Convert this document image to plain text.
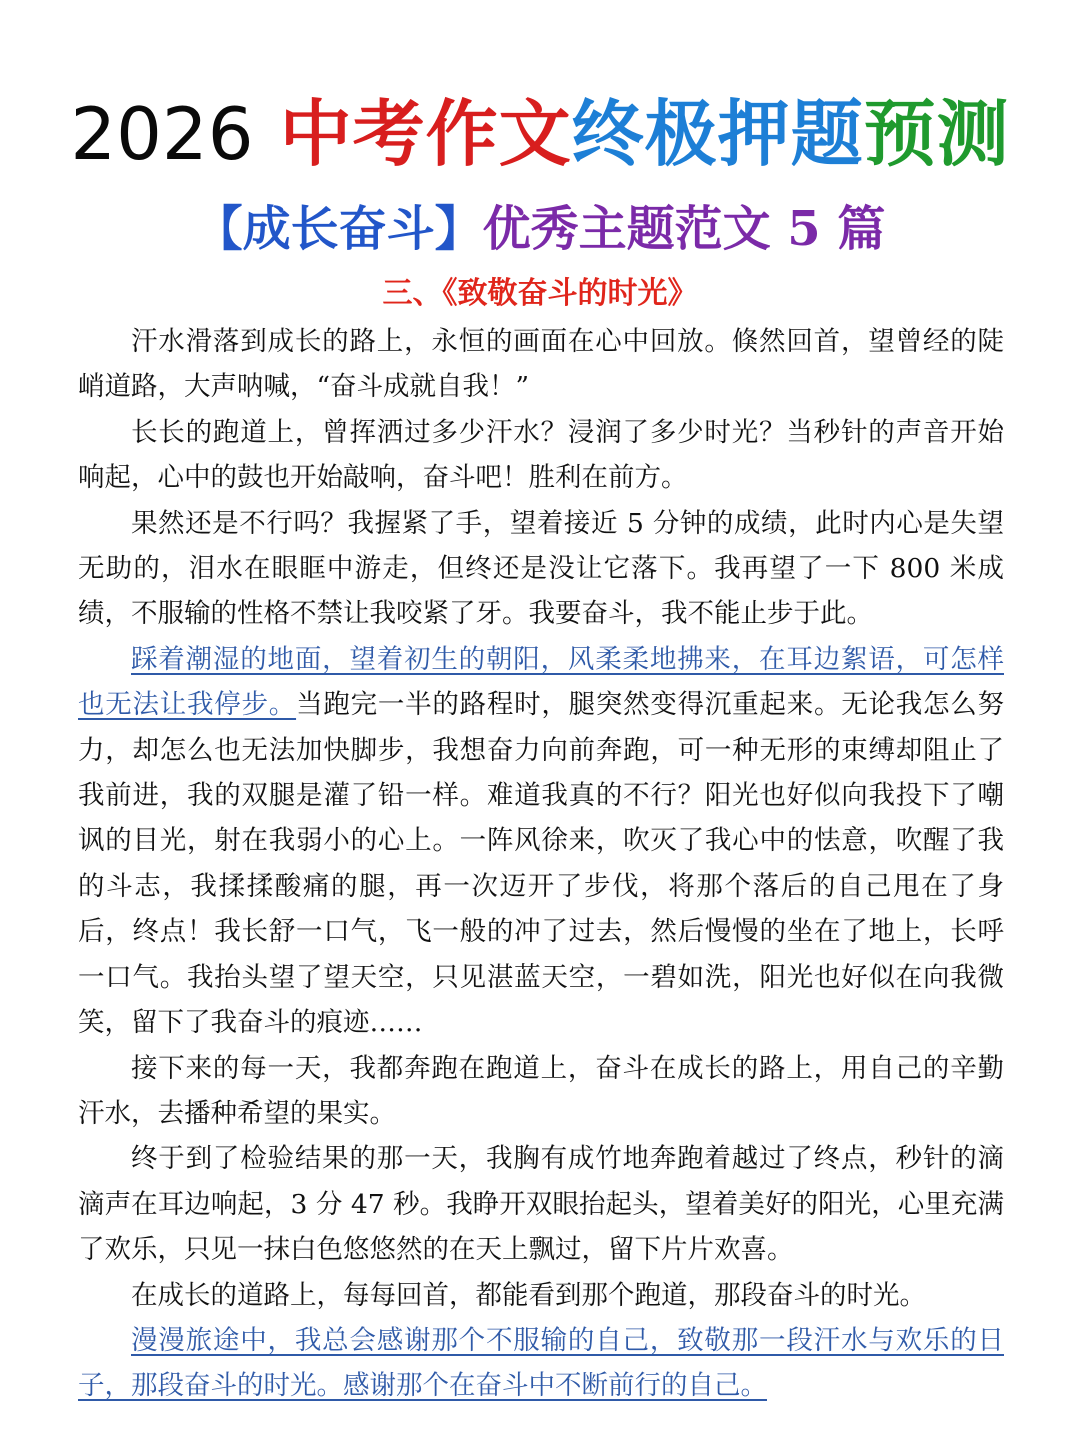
2026 中考作文终极押题预测
【成长奋斗】优秀主题范文 5 篇
三、《致敬奋斗的时光》

汗水滑落到成长的路上，永恒的画面在心中回放。倏然回首，望曾经的陡峭道路，大声呐喊，“奋斗成就自我！”

长长的跑道上，曾挥洒过多少汗水？浸润了多少时光？当秒针的声音开始响起，心中的鼓也开始敲响，奋斗吧！胜利在前方。

果然还是不行吗？我握紧了手，望着接近 5 分钟的成绩，此时内心是失望无助的，泪水在眼眶中游走，但终还是没让它落下。我再望了一下 800 米成绩，不服输的性格不禁让我咬紧了牙。我要奋斗，我不能止步于此。

踩着潮湿的地面，望着初生的朝阳，风柔柔地拂来，在耳边絮语，可怎样也无法让我停步。当跑完一半的路程时，腿突然变得沉重起来。无论我怎么努力，却怎么也无法加快脚步，我想奋力向前奔跑，可一种无形的束缚却阻止了我前进，我的双腿是灌了铅一样。难道我真的不行？阳光也好似向我投下了嘲讽的目光，射在我弱小的心上。一阵风徐来，吹灭了我心中的怯意，吹醒了我的斗志，我揉揉酸痛的腿，再一次迈开了步伐，将那个落后的自己甩在了身后，终点！我长舒一口气，飞一般的冲了过去，然后慢慢的坐在了地上，长呼一口气。我抬头望了望天空，只见湛蓝天空，一碧如洗，阳光也好似在向我微笑，留下了我奋斗的痕迹……

接下来的每一天，我都奔跑在跑道上，奋斗在成长的路上，用自己的辛勤汗水，去播种希望的果实。

终于到了检验结果的那一天，我胸有成竹地奔跑着越过了终点，秒针的滴滴声在耳边响起，3 分 47 秒。我睁开双眼抬起头，望着美好的阳光，心里充满了欢乐，只见一抹白色悠悠然的在天上飘过，留下片片欢喜。

在成长的道路上，每每回首，都能看到那个跑道，那段奋斗的时光。

漫漫旅途中，我总会感谢那个不服输的自己，致敬那一段汗水与欢乐的日子，那段奋斗的时光。感谢那个在奋斗中不断前行的自己。
